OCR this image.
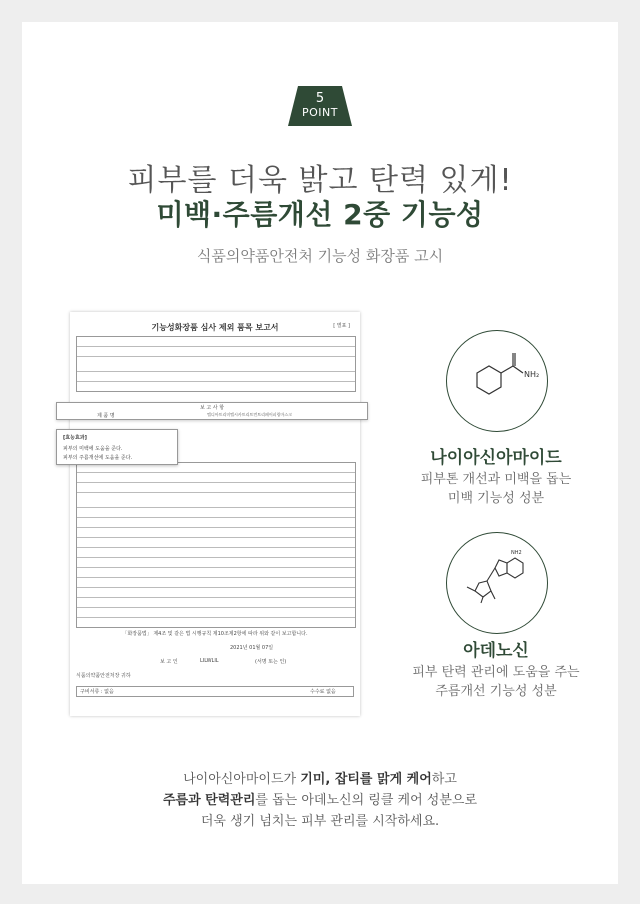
5
POINT
피부를 더욱 밝고 탄력 있게!
미백·주름개선 2중 기능성
식품의약품안전처 기능성 화장품 고시
기능성화장품 심사 제외 품목 보고서	[ 별표 ]
「화장품법」 제4조 및 같은 법 시행규칙 제10조제2항에 따라 위와 같이 보고합니다.
2021년 01월 07일
보 고 인	LILWLIL	(서명 또는 인)
식품의약품안전처장 귀하
구비서류 : 없음	수수료 없음
보 고 사 항
제 품 명	엘디아트리미엘시카트리트먼트리페어피링마스크
[효능효과]
피부의 미백에 도움을 준다.
피부의 주름개선에 도움을 준다.
NH₂
나이아신아마이드
피부톤 개선과 미백을 돕는
미백 기능성 성분
NH2
아데노신
피부 탄력 관리에 도움을 주는
주름개선 기능성 성분
나이아신아마이드가 기미, 잡티를 맑게 케어하고
주름과 탄력관리를 돕는 아데노신의 링클 케어 성분으로
더욱 생기 넘치는 피부 관리를 시작하세요.
